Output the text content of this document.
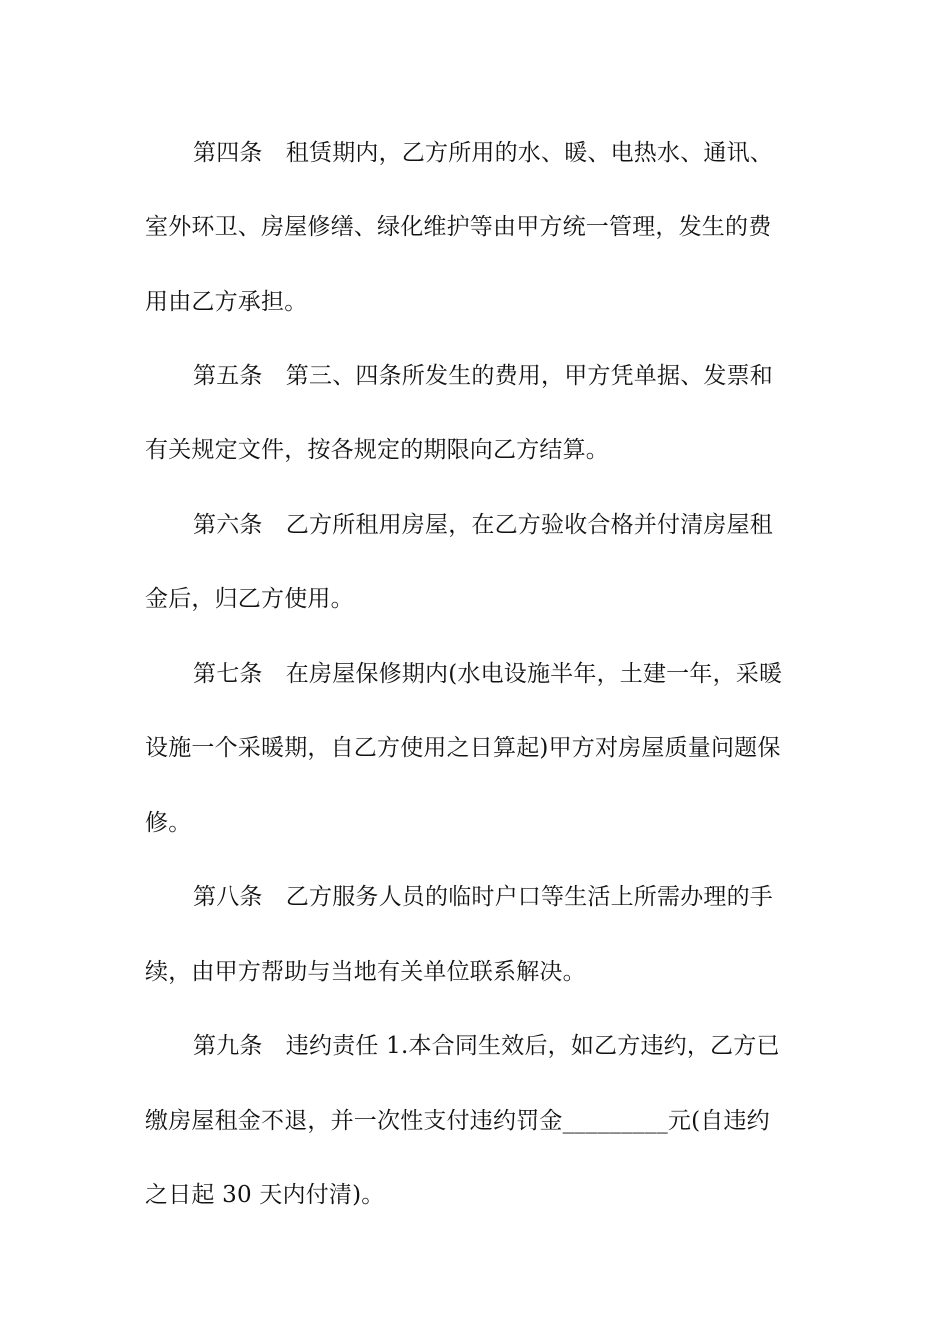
第四条　租赁期内，乙方所用的水、暖、电热水、通讯、
室外环卫、房屋修缮、绿化维护等由甲方统一管理，发生的费
用由乙方承担。
第五条　第三、四条所发生的费用，甲方凭单据、发票和
有关规定文件，按各规定的期限向乙方结算。
第六条　乙方所租用房屋，在乙方验收合格并付清房屋租
金后，归乙方使用。
第七条　在房屋保修期内(水电设施半年，土建一年，采暖
设施一个采暖期，自乙方使用之日算起)甲方对房屋质量问题保
修。
第八条　乙方服务人员的临时户口等生活上所需办理的手
续，由甲方帮助与当地有关单位联系解决。
第九条　违约责任 1.本合同生效后，如乙方违约，乙方已
缴房屋租金不退，并一次性支付违约罚金_________元(自违约
之日起 30 天内付清)。
